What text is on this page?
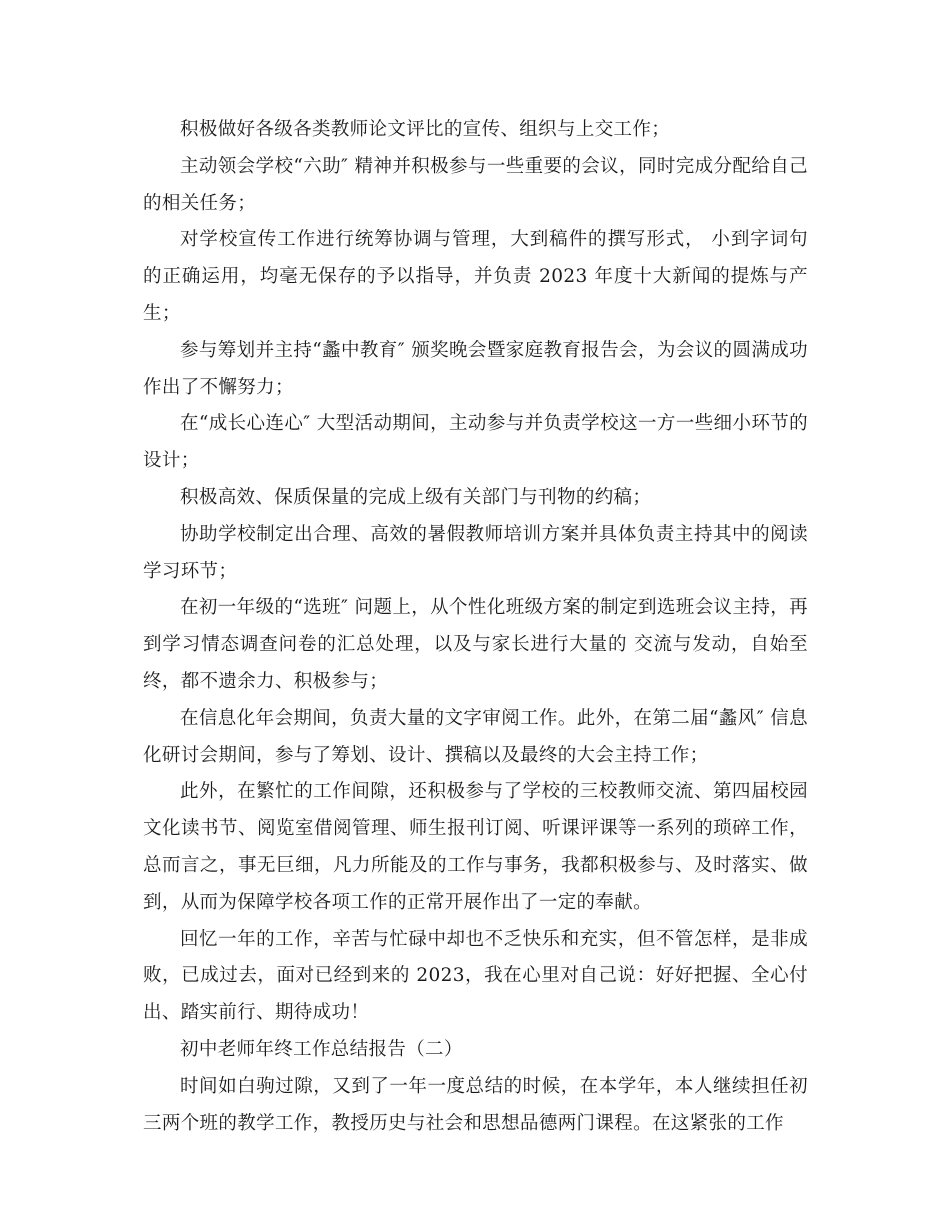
积极做好各级各类教师论文评比的宣传、组织与上交工作；

主动领会学校“六助″ 精神并积极参与一些重要的会议，同时完成分配给自己的相关任务；

对学校宣传工作进行统筹协调与管理，大到稿件的撰写形式， 小到字词句的正确运用，均毫无保存的予以指导，并负责 2023 年度十大新闻的提炼与产生；

参与筹划并主持“蠡中教育″ 颁奖晚会暨家庭教育报告会，为会议的圆满成功作出了不懈努力；

在“成长心连心″ 大型活动期间，主动参与并负责学校这一方一些细小环节的设计；

积极高效、保质保量的完成上级有关部门与刊物的约稿；

协助学校制定出合理、高效的暑假教师培训方案并具体负责主持其中的阅读学习环节；

在初一年级的“选班″ 问题上，从个性化班级方案的制定到选班会议主持，再到学习情态调查问卷的汇总处理，以及与家长进行大量的 交流与发动，自始至终，都不遗余力、积极参与；

在信息化年会期间，负责大量的文字审阅工作。此外，在第二届“蠡风″ 信息化研讨会期间，参与了筹划、设计、撰稿以及最终的大会主持工作；

此外，在繁忙的工作间隙，还积极参与了学校的三校教师交流、第四届校园文化读书节、阅览室借阅管理、师生报刊订阅、听课评课等一系列的琐碎工作，总而言之，事无巨细，凡力所能及的工作与事务，我都积极参与、及时落实、做到，从而为保障学校各项工作的正常开展作出了一定的奉献。

回忆一年的工作，辛苦与忙碌中却也不乏快乐和充实，但不管怎样，是非成败，已成过去，面对已经到来的 2023，我在心里对自己说：好好把握、全心付出、踏实前行、期待成功！

初中老师年终工作总结报告（二）

时间如白驹过隙，又到了一年一度总结的时候，在本学年，本人继续担任初三两个班的教学工作，教授历史与社会和思想品德两门课程。在这紧张的工作
